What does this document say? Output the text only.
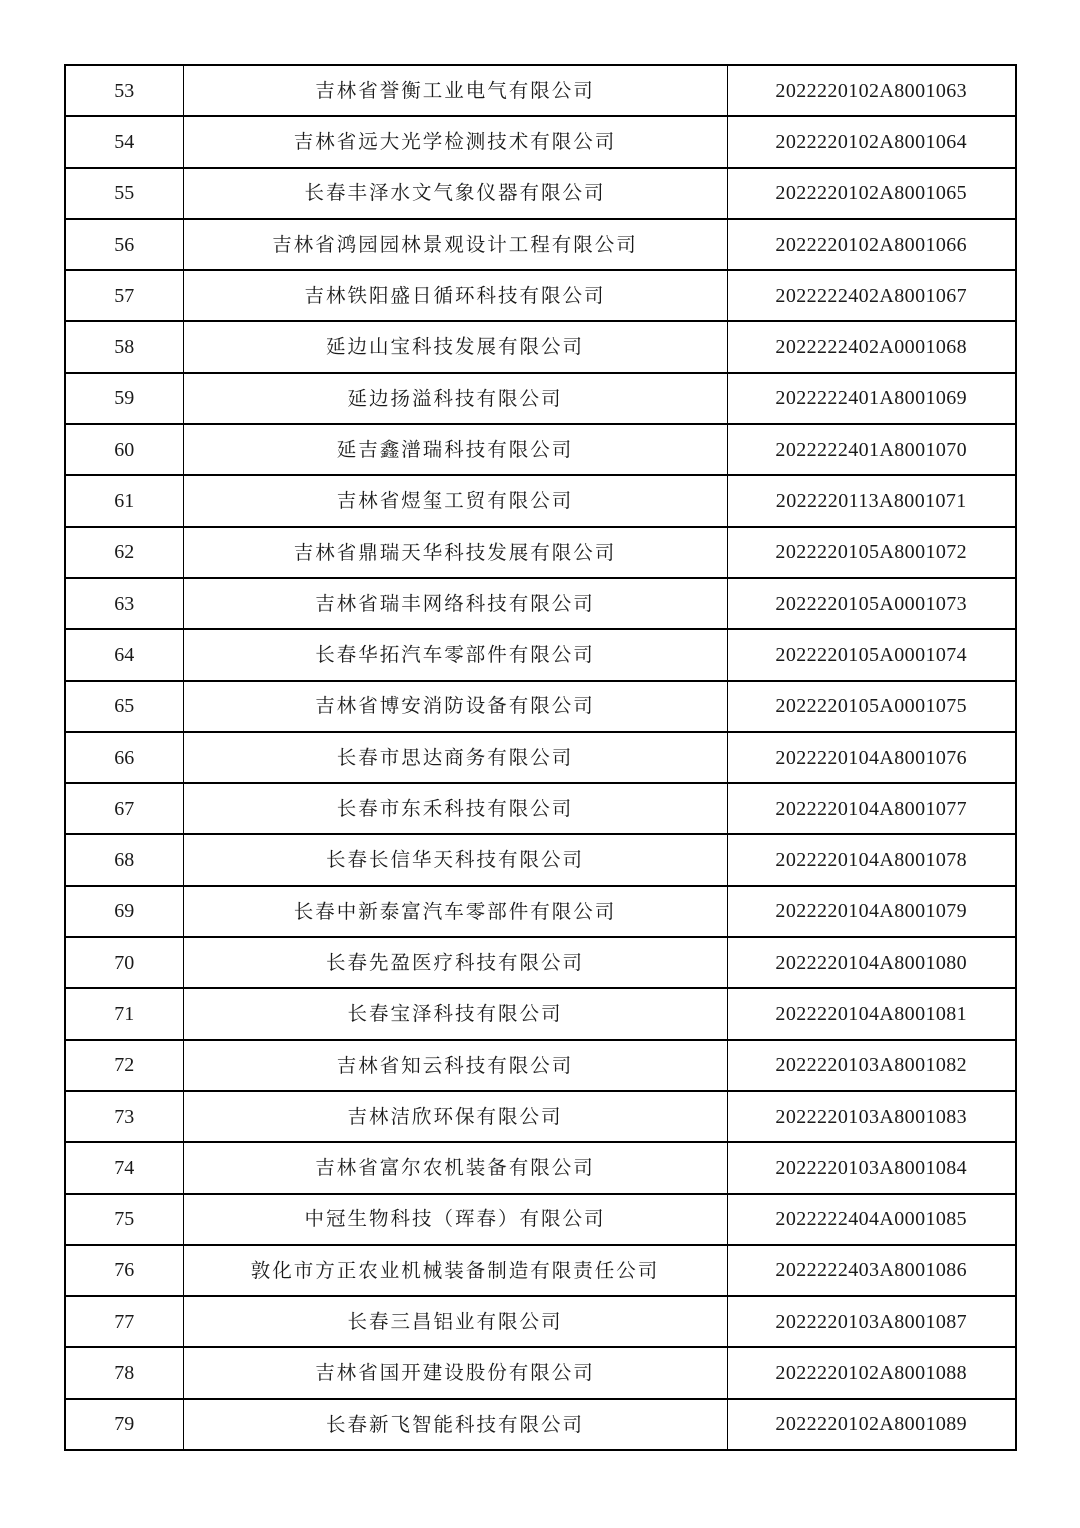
53	吉林省誉衡工业电气有限公司	2022220102A8001063
54	吉林省远大光学检测技术有限公司	2022220102A8001064
55	长春丰泽水文气象仪器有限公司	2022220102A8001065
56	吉林省鸿园园林景观设计工程有限公司	2022220102A8001066
57	吉林铁阳盛日循环科技有限公司	2022222402A8001067
58	延边山宝科技发展有限公司	2022222402A0001068
59	延边扬溢科技有限公司	2022222401A8001069
60	延吉鑫潽瑞科技有限公司	2022222401A8001070
61	吉林省煜玺工贸有限公司	2022220113A8001071
62	吉林省鼎瑞天华科技发展有限公司	2022220105A8001072
63	吉林省瑞丰网络科技有限公司	2022220105A0001073
64	长春华拓汽车零部件有限公司	2022220105A0001074
65	吉林省博安消防设备有限公司	2022220105A0001075
66	长春市思达商务有限公司	2022220104A8001076
67	长春市东禾科技有限公司	2022220104A8001077
68	长春长信华天科技有限公司	2022220104A8001078
69	长春中新泰富汽车零部件有限公司	2022220104A8001079
70	长春先盈医疗科技有限公司	2022220104A8001080
71	长春宝泽科技有限公司	2022220104A8001081
72	吉林省知云科技有限公司	2022220103A8001082
73	吉林洁欣环保有限公司	2022220103A8001083
74	吉林省富尔农机装备有限公司	2022220103A8001084
75	中冠生物科技（珲春）有限公司	2022222404A0001085
76	敦化市方正农业机械装备制造有限责任公司	2022222403A8001086
77	长春三昌铝业有限公司	2022220103A8001087
78	吉林省国开建设股份有限公司	2022220102A8001088
79	长春新飞智能科技有限公司	2022220102A8001089
